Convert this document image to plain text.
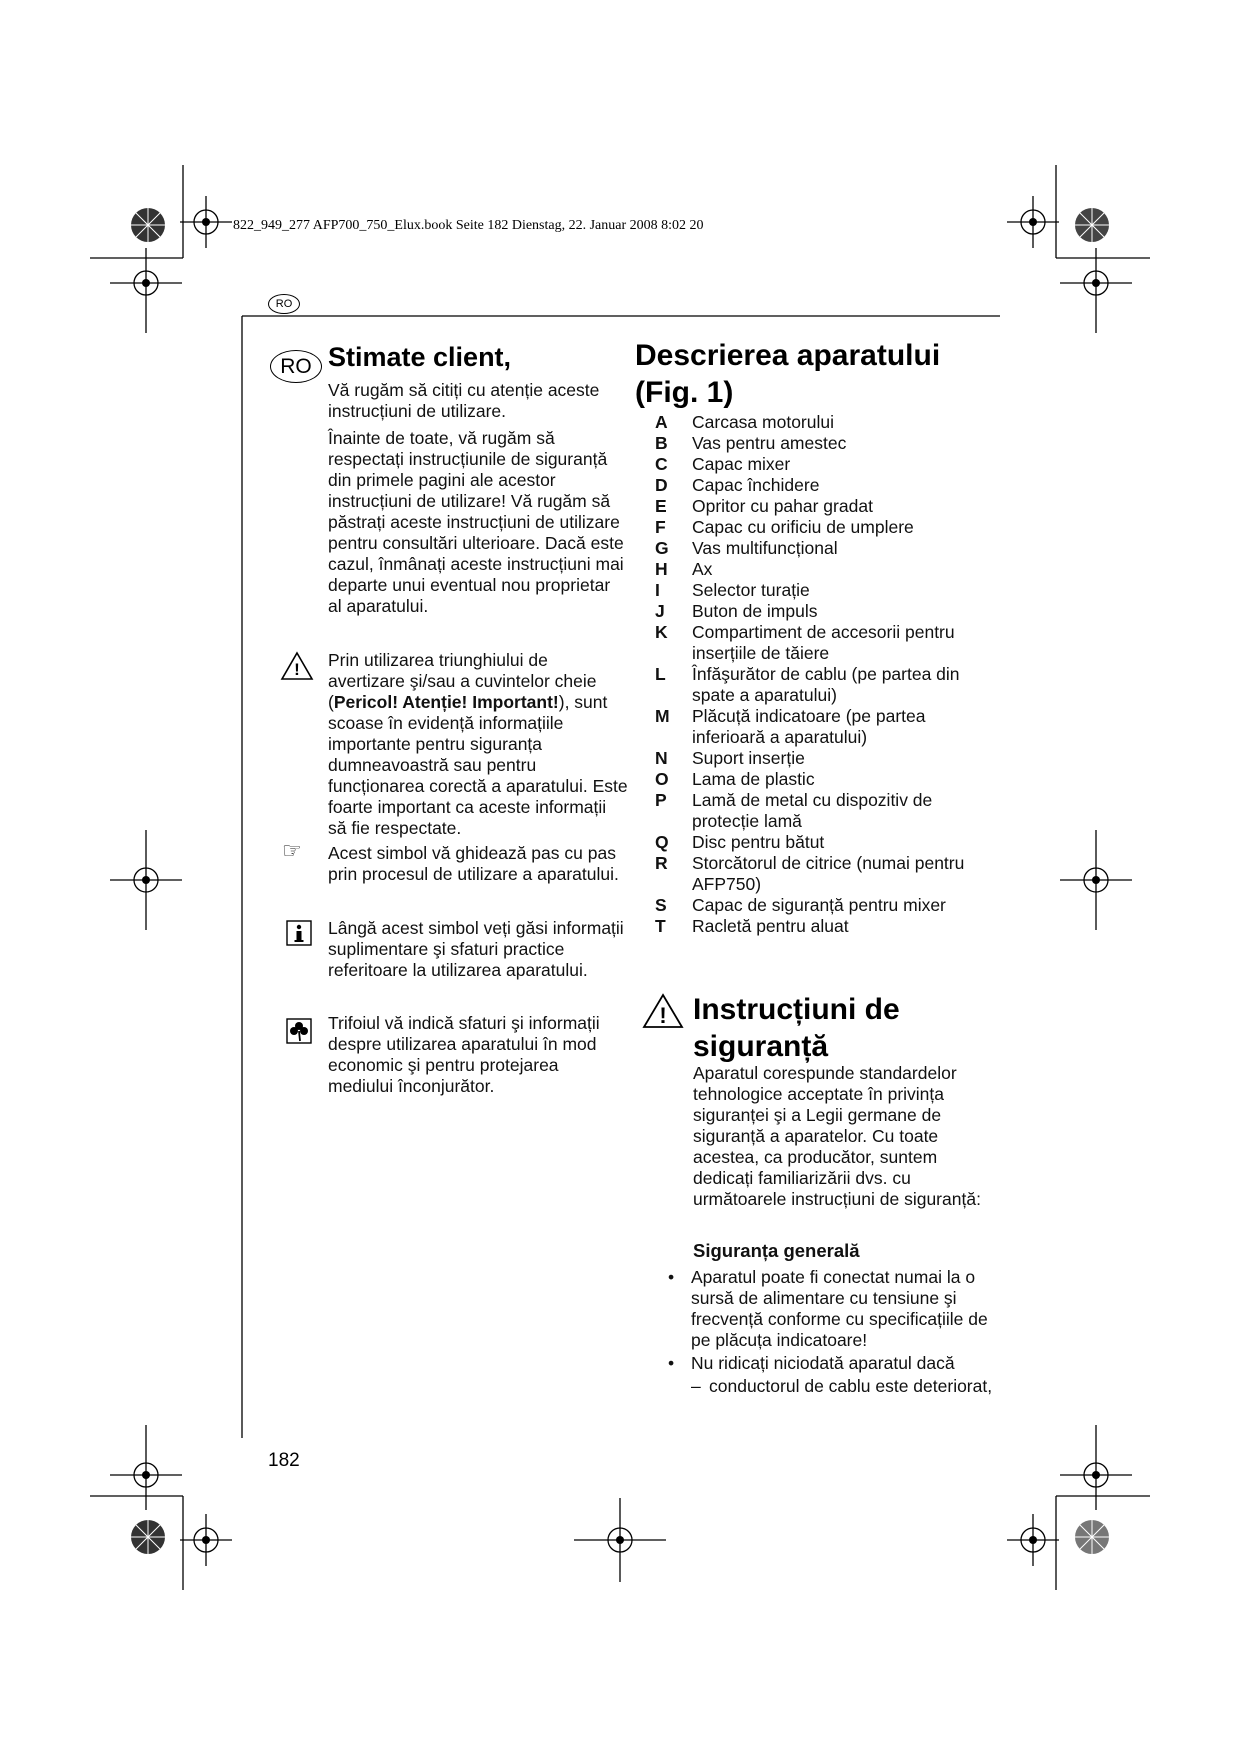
822_949_277 AFP700_750_Elux.book Seite 182 Dienstag, 22. Januar 2008 8:02 20
RO
RO Stimate client,

Vă rugăm să citiți cu atenție aceste instrucțiuni de utilizare.

Înainte de toate, vă rugăm să respectați instrucțiunile de siguranță din primele pagini ale acestor instrucțiuni de utilizare! Vă rugăm să păstrați aceste instrucțiuni de utilizare pentru consultări ulterioare. Dacă este cazul, înmânați aceste instrucțiuni mai departe unui eventual nou proprietar al aparatului.

! Prin utilizarea triunghiului de avertizare şi/sau a cuvintelor cheie (Pericol! Atenție! Important!), sunt scoase în evidență informațiile importante pentru siguranța dumneavoastră sau pentru funcționarea corectă a aparatului. Este foarte important ca aceste informații să fie respectate.
☞ Acest simbol vă ghidează pas cu pas prin procesul de utilizare a aparatului.
Lângă acest simbol veți găsi informații suplimentare şi sfaturi practice referitoare la utilizarea aparatului.
Trifoiul vă indică sfaturi şi informații despre utilizarea aparatului în mod economic şi pentru protejarea mediului înconjurător.
Descrierea aparatului
(Fig. 1)
A	Carcasa motorului
B	Vas pentru amestec
C	Capac mixer
D	Capac închidere
E	Opritor cu pahar gradat
F	Capac cu orificiu de umplere
G	Vas multifuncțional
H	Ax
I	Selector turație
J	Buton de impuls
K	Compartiment de accesorii pentru inserțiile de tăiere
L	Înfăşurător de cablu (pe partea din spate a aparatului)
M	Plăcuță indicatoare (pe partea inferioară a aparatului)
N	Suport inserție
O	Lama de plastic
P	Lamă de metal cu dispozitiv de protecție lamă
Q	Disc pentru bătut
R	Storcătorul de citrice (numai pentru AFP750)
S	Capac de siguranță pentru mixer
T	Racletă pentru aluat
! Instrucțiuni de
siguranță
Aparatul corespunde standardelor tehnologice acceptate în privința siguranței şi a Legii germane de siguranță a aparatelor. Cu toate acestea, ca producător, suntem dedicați familiarizării dvs. cu următoarele instrucțiuni de siguranță:
Siguranța generală
• Aparatul poate fi conectat numai la o sursă de alimentare cu tensiune şi frecvență conforme cu specificațiile de pe plăcuța indicatoare!
• Nu ridicați niciodată aparatul dacă
– conductorul de cablu este deteriorat,
182
